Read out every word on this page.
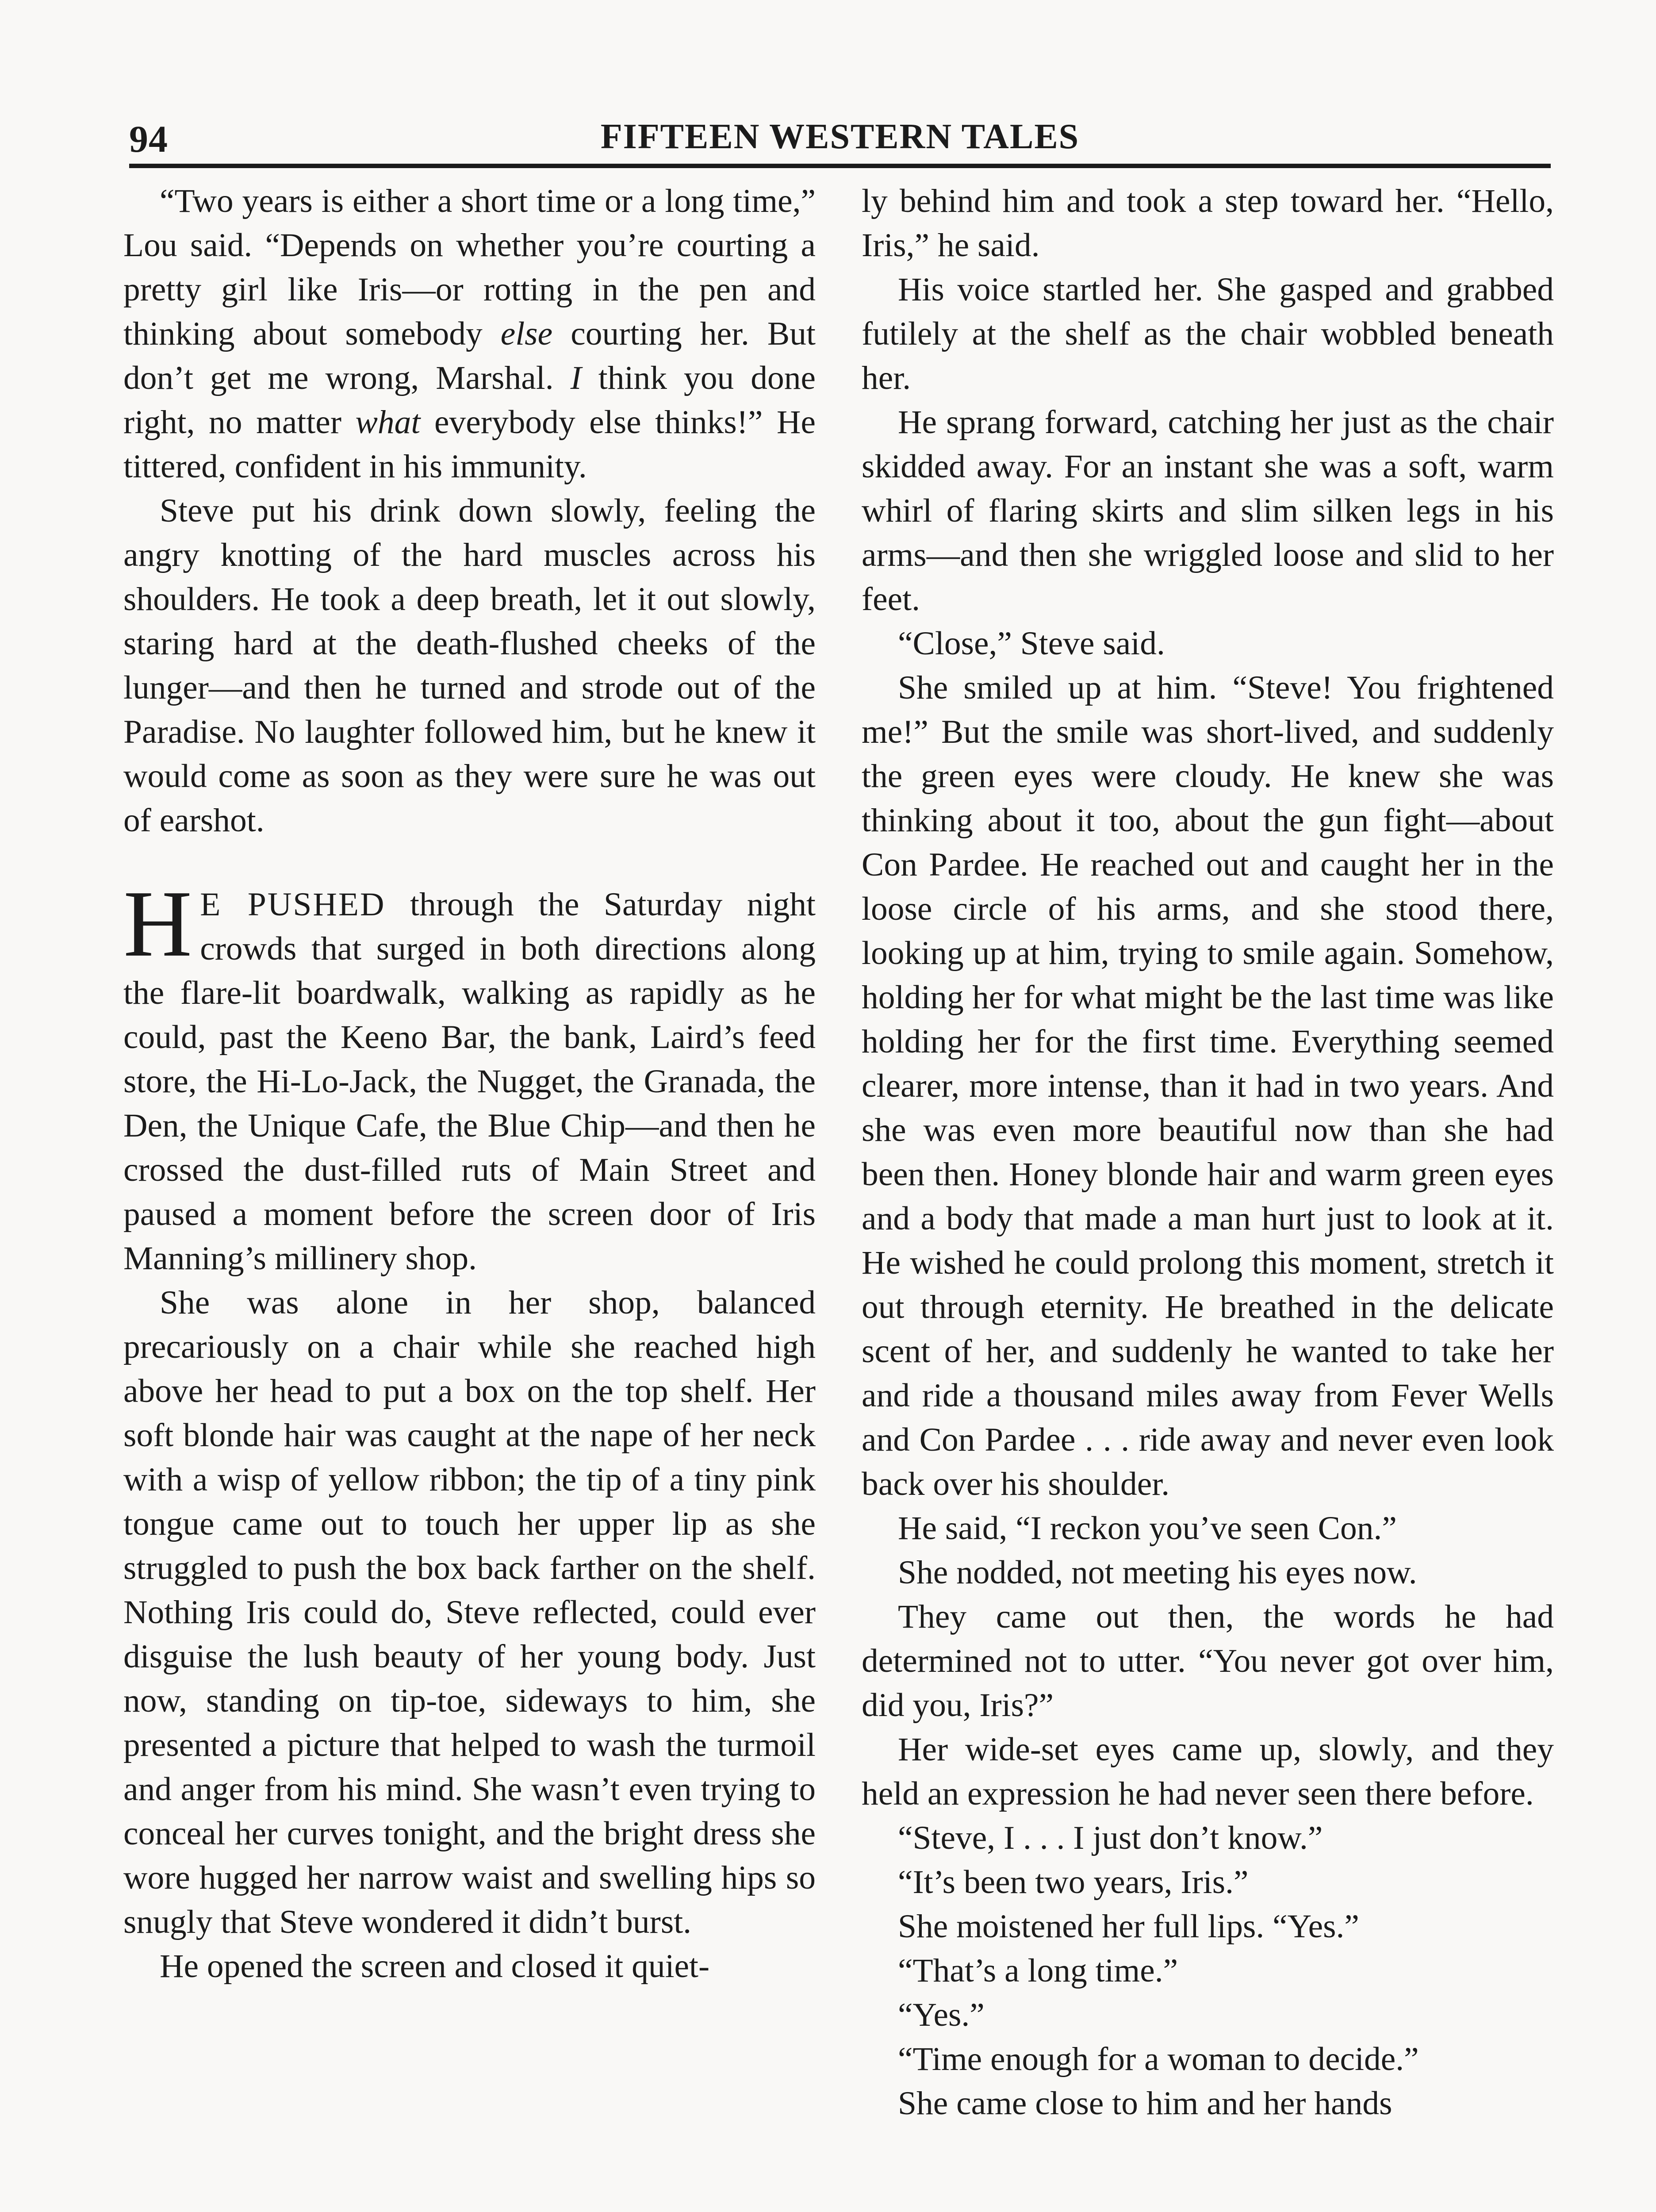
94	FIFTEEN WESTERN TALES

“Two years is either a short time or a long time,” Lou said. “Depends on whether you’re courting a pretty girl like Iris—or rotting in the pen and thinking about somebody else courting her. But don’t get me wrong, Marshal. I think you done right, no matter what everybody else thinks!” He tittered, confident in his immunity.

Steve put his drink down slowly, feeling the angry knotting of the hard muscles across his shoulders. He took a deep breath, let it out slowly, staring hard at the death-flushed cheeks of the lunger—and then he turned and strode out of the Paradise. No laughter followed him, but he knew it would come as soon as they were sure he was out of earshot.

H E PUSHED through the Saturday night crowds that surged in both directions along the flare-lit boardwalk, walking as rapidly as he could, past the Keeno Bar, the bank, Laird’s feed store, the Hi-Lo-Jack, the Nugget, the Granada, the Den, the Unique Cafe, the Blue Chip—and then he crossed the dust-filled ruts of Main Street and paused a moment before the screen door of Iris Manning’s millinery shop.

She was alone in her shop, balanced precariously on a chair while she reached high above her head to put a box on the top shelf. Her soft blonde hair was caught at the nape of her neck with a wisp of yellow ribbon; the tip of a tiny pink tongue came out to touch her upper lip as she struggled to push the box back farther on the shelf. Nothing Iris could do, Steve reflected, could ever disguise the lush beauty of her young body. Just now, standing on tip-toe, sideways to him, she presented a picture that helped to wash the turmoil and anger from his mind. She wasn’t even trying to conceal her curves tonight, and the bright dress she wore hugged her narrow waist and swelling hips so snugly that Steve wondered it didn’t burst.

He opened the screen and closed it quiet-

ly behind him and took a step toward her. “Hello, Iris,” he said.

His voice startled her. She gasped and grabbed futilely at the shelf as the chair wobbled beneath her.

He sprang forward, catching her just as the chair skidded away. For an instant she was a soft, warm whirl of flaring skirts and slim silken legs in his arms—and then she wriggled loose and slid to her feet.

“Close,” Steve said.

She smiled up at him. “Steve! You frightened me!” But the smile was short-lived, and suddenly the green eyes were cloudy. He knew she was thinking about it too, about the gun fight—about Con Pardee. He reached out and caught her in the loose circle of his arms, and she stood there, looking up at him, trying to smile again. Somehow, holding her for what might be the last time was like holding her for the first time. Everything seemed clearer, more intense, than it had in two years. And she was even more beautiful now than she had been then. Honey blonde hair and warm green eyes and a body that made a man hurt just to look at it. He wished he could prolong this moment, stretch it out through eternity. He breathed in the delicate scent of her, and suddenly he wanted to take her and ride a thousand miles away from Fever Wells and Con Pardee . . . ride away and never even look back over his shoulder.

He said, “I reckon you’ve seen Con.”

She nodded, not meeting his eyes now.

They came out then, the words he had determined not to utter. “You never got over him, did you, Iris?”

Her wide-set eyes came up, slowly, and they held an expression he had never seen there before.

“Steve, I . . . I just don’t know.”

“It’s been two years, Iris.”

She moistened her full lips. “Yes.”

“That’s a long time.”

“Yes.”

“Time enough for a woman to decide.”

She came close to him and her hands
